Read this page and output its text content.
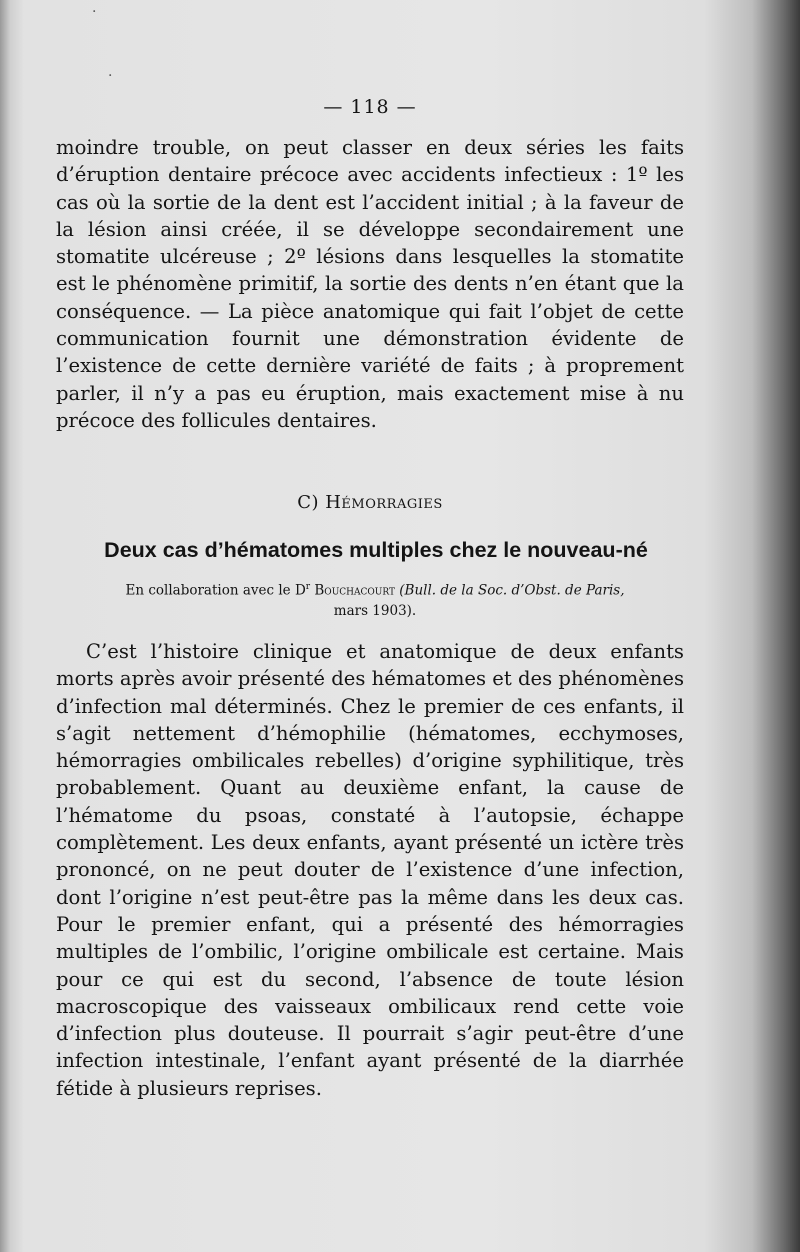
·
·
— 118 —

moindre trouble, on peut classer en deux séries les faits d’éruption dentaire précoce avec accidents infectieux : 1º les cas où la sortie de la dent est l’accident initial ; à la faveur de la lésion ainsi créée, il se développe secondairement une stomatite ulcéreuse ; 2º lésions dans lesquelles la stomatite est le phénomène primitif, la sortie des dents n’en étant que la conséquence. — La pièce anatomique qui fait l’objet de cette communication fournit une démonstration évidente de l’existence de cette dernière variété de faits ; à proprement parler, il n’y a pas eu éruption, mais exactement mise à nu précoce des follicules dentaires.

C) Hémorragies
Deux cas d’hématomes multiples chez le nouveau-né
En collaboration avec le $D^r$ Bouchacourt (Bull. de la Soc. d’Obst. de Paris,
mars 1903).

C’est l’histoire clinique et anatomique de deux enfants morts après avoir présenté des hématomes et des phénomènes d’infection mal déterminés. Chez le premier de ces enfants, il s’agit nettement d’hémophilie (hématomes, ecchymoses, hémorragies ombilicales rebelles) d’origine syphilitique, très probablement. Quant au deuxième enfant, la cause de l’hématome du psoas, constaté à l’autopsie, échappe complètement. Les deux enfants, ayant présenté un ictère très prononcé, on ne peut douter de l’existence d’une infection, dont l’origine n’est peut-être pas la même dans les deux cas. Pour le premier enfant, qui a présenté des hémorragies multiples de l’ombilic, l’origine ombilicale est certaine. Mais pour ce qui est du second, l’absence de toute lésion macroscopique des vaisseaux ombilicaux rend cette voie d’infection plus douteuse. Il pourrait s’agir peut-être d’une infection intestinale, l’enfant ayant présenté de la diarrhée fétide à plusieurs reprises.
